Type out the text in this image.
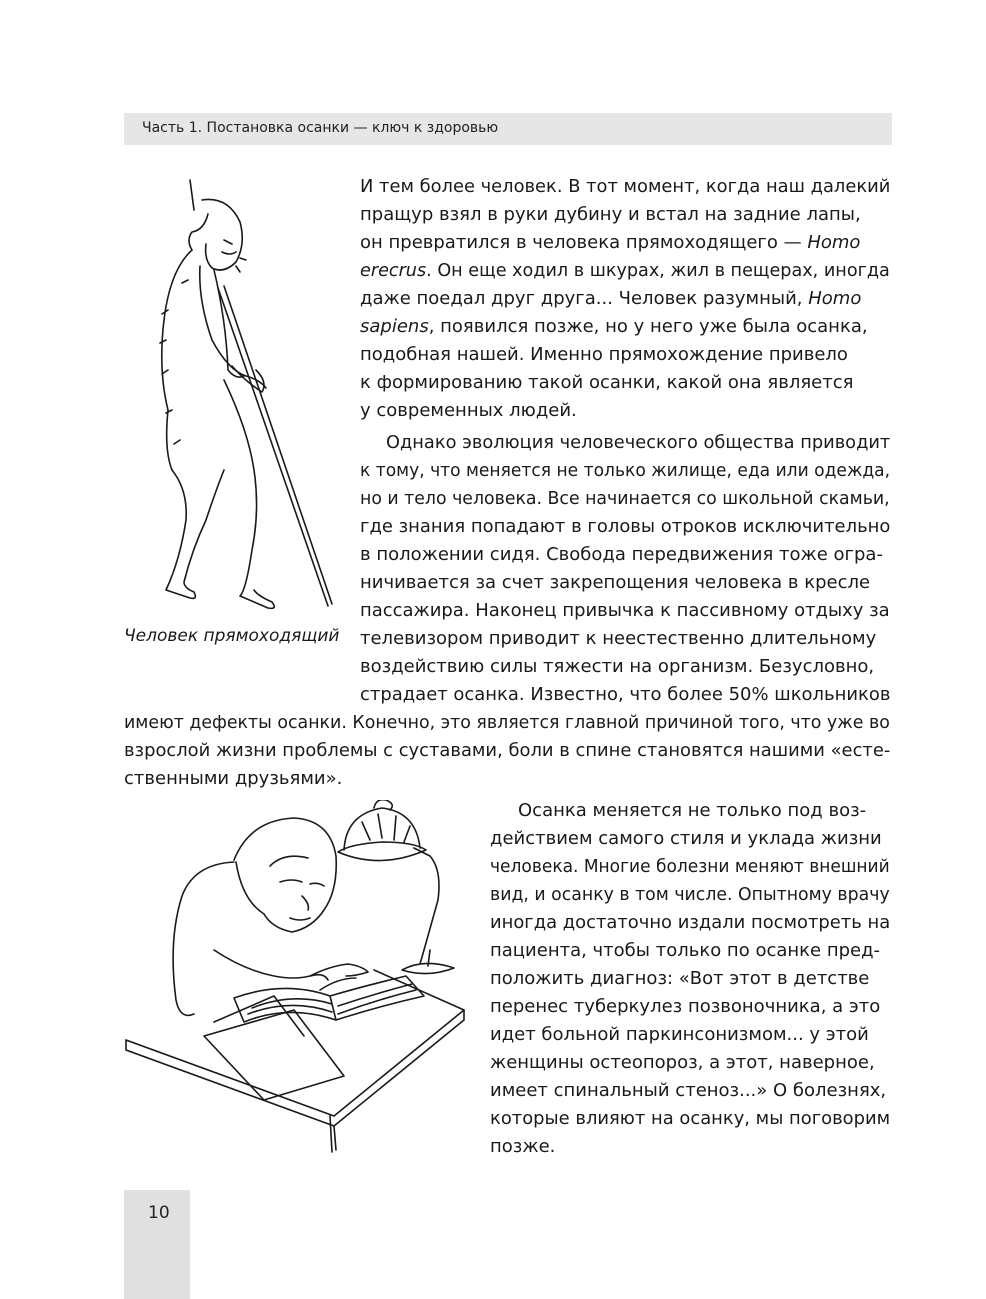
Часть 1. Постановка осанки — ключ к здоровью
Человек прямоходящий
И тем более человек. В тот момент, когда наш далекий
пращур взял в руки дубину и встал на задние лапы,
он превратился в человека прямоходящего — Homo
erecrus. Он еще ходил в шкурах, жил в пещерах, иногда
даже поедал друг друга... Человек разумный, Homo
sapiens, появился позже, но у него уже была осанка,
подобная нашей. Именно прямохождение привело
к формированию такой осанки, какой она является
у современных людей.
Однако эволюция человеческого общества приводит
к тому, что меняется не только жилище, еда или одежда,
но и тело человека. Все начинается со школьной скамьи,
где знания попадают в головы отроков исключительно
в положении сидя. Свобода передвижения тоже огра-
ничивается за счет закрепощения человека в кресле
пассажира. Наконец привычка к пассивному отдыху за
телевизором приводит к неестественно длительному
воздействию силы тяжести на организм. Безусловно,
страдает осанка. Известно, что более 50% школьников
имеют дефекты осанки. Конечно, это является главной причиной того, что уже во
взрослой жизни проблемы с суставами, боли в спине становятся нашими «есте-
ственными друзьями».
Осанка меняется не только под воз-
действием самого стиля и уклада жизни
человека. Многие болезни меняют внешний
вид, и осанку в том числе. Опытному врачу
иногда достаточно издали посмотреть на
пациента, чтобы только по осанке пред-
положить диагноз: «Вот этот в детстве
перенес туберкулез позвоночника, а это
идет больной паркинсонизмом... у этой
женщины остеопороз, а этот, наверное,
имеет спинальный стеноз...» О болезнях,
которые влияют на осанку, мы поговорим
позже.
10
